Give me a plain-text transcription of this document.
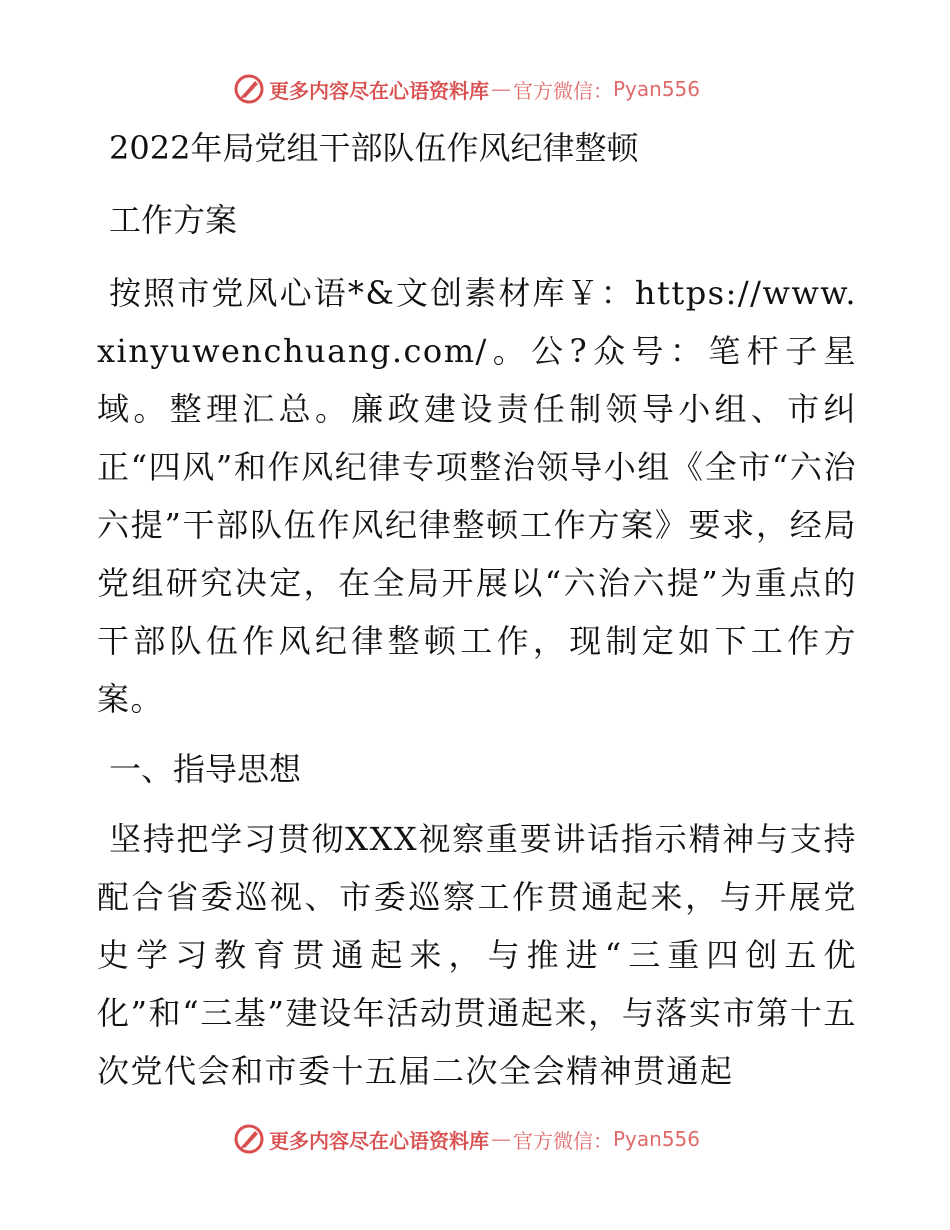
更多内容尽在心语资料库 — 官方微信： Pyan556
2022年局党组干部队伍作风纪律整顿
工作方案

按照市党风心语*&文创素材库￥：https://www.xinyuwenchuang.com/。公?众号：笔杆子星域。整理汇总。廉政建设责任制领导小组、市纠正“四风”和作风纪律专项整治领导小组《全市“六治六提”干部队伍作风纪律整顿工作方案》要求，经局党组研究决定，在全局开展以“六治六提”为重点的干部队伍作风纪律整顿工作，现制定如下工作方案。

一、指导思想

坚持把学习贯彻XXX视察重要讲话指示精神与支持配合省委巡视、市委巡察工作贯通起来，与开展党史学习教育贯通起来，与推进“三重四创五优化”和“三基”建设年活动贯通起来，与落实市第十五次党代会和市委十五届二次全会精神贯通起

更多内容尽在心语资料库 — 官方微信： Pyan556
